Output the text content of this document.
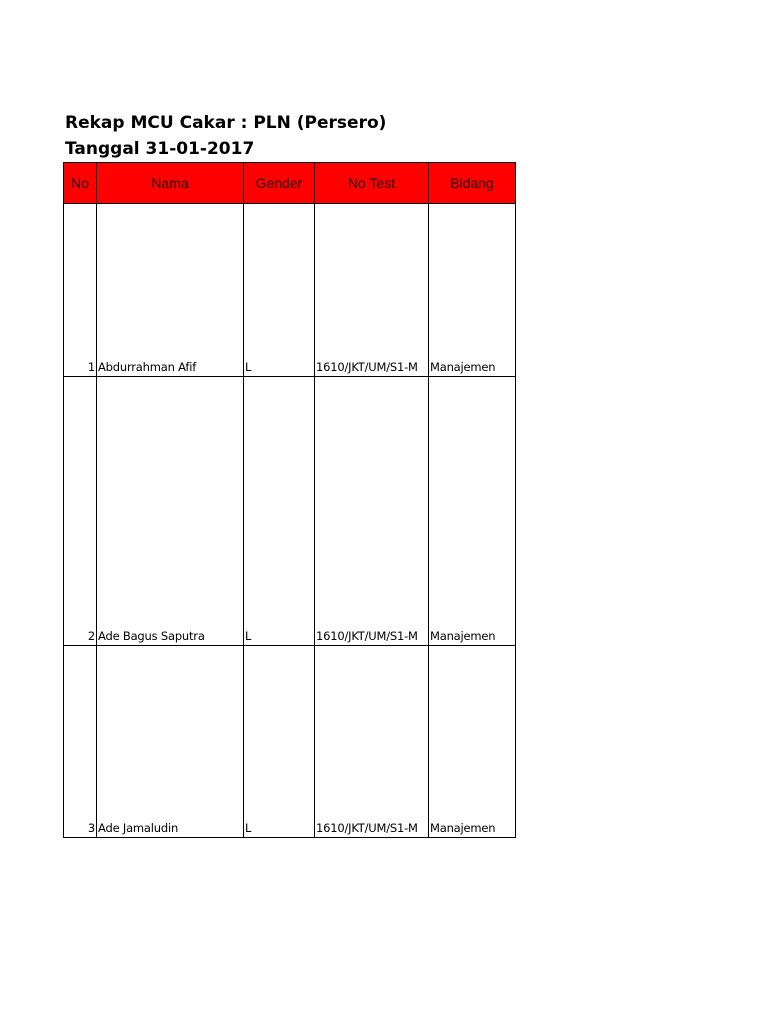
Rekap MCU Cakar : PLN (Persero)
Tanggal 31-01-2017
No	Nama	Gender	No Test	Bidang
1	Abdurrahman Afif	L	1610/JKT/UM/S1-M	Manajemen
2	Ade Bagus Saputra	L	1610/JKT/UM/S1-M	Manajemen
3	Ade Jamaludin	L	1610/JKT/UM/S1-M	Manajemen
